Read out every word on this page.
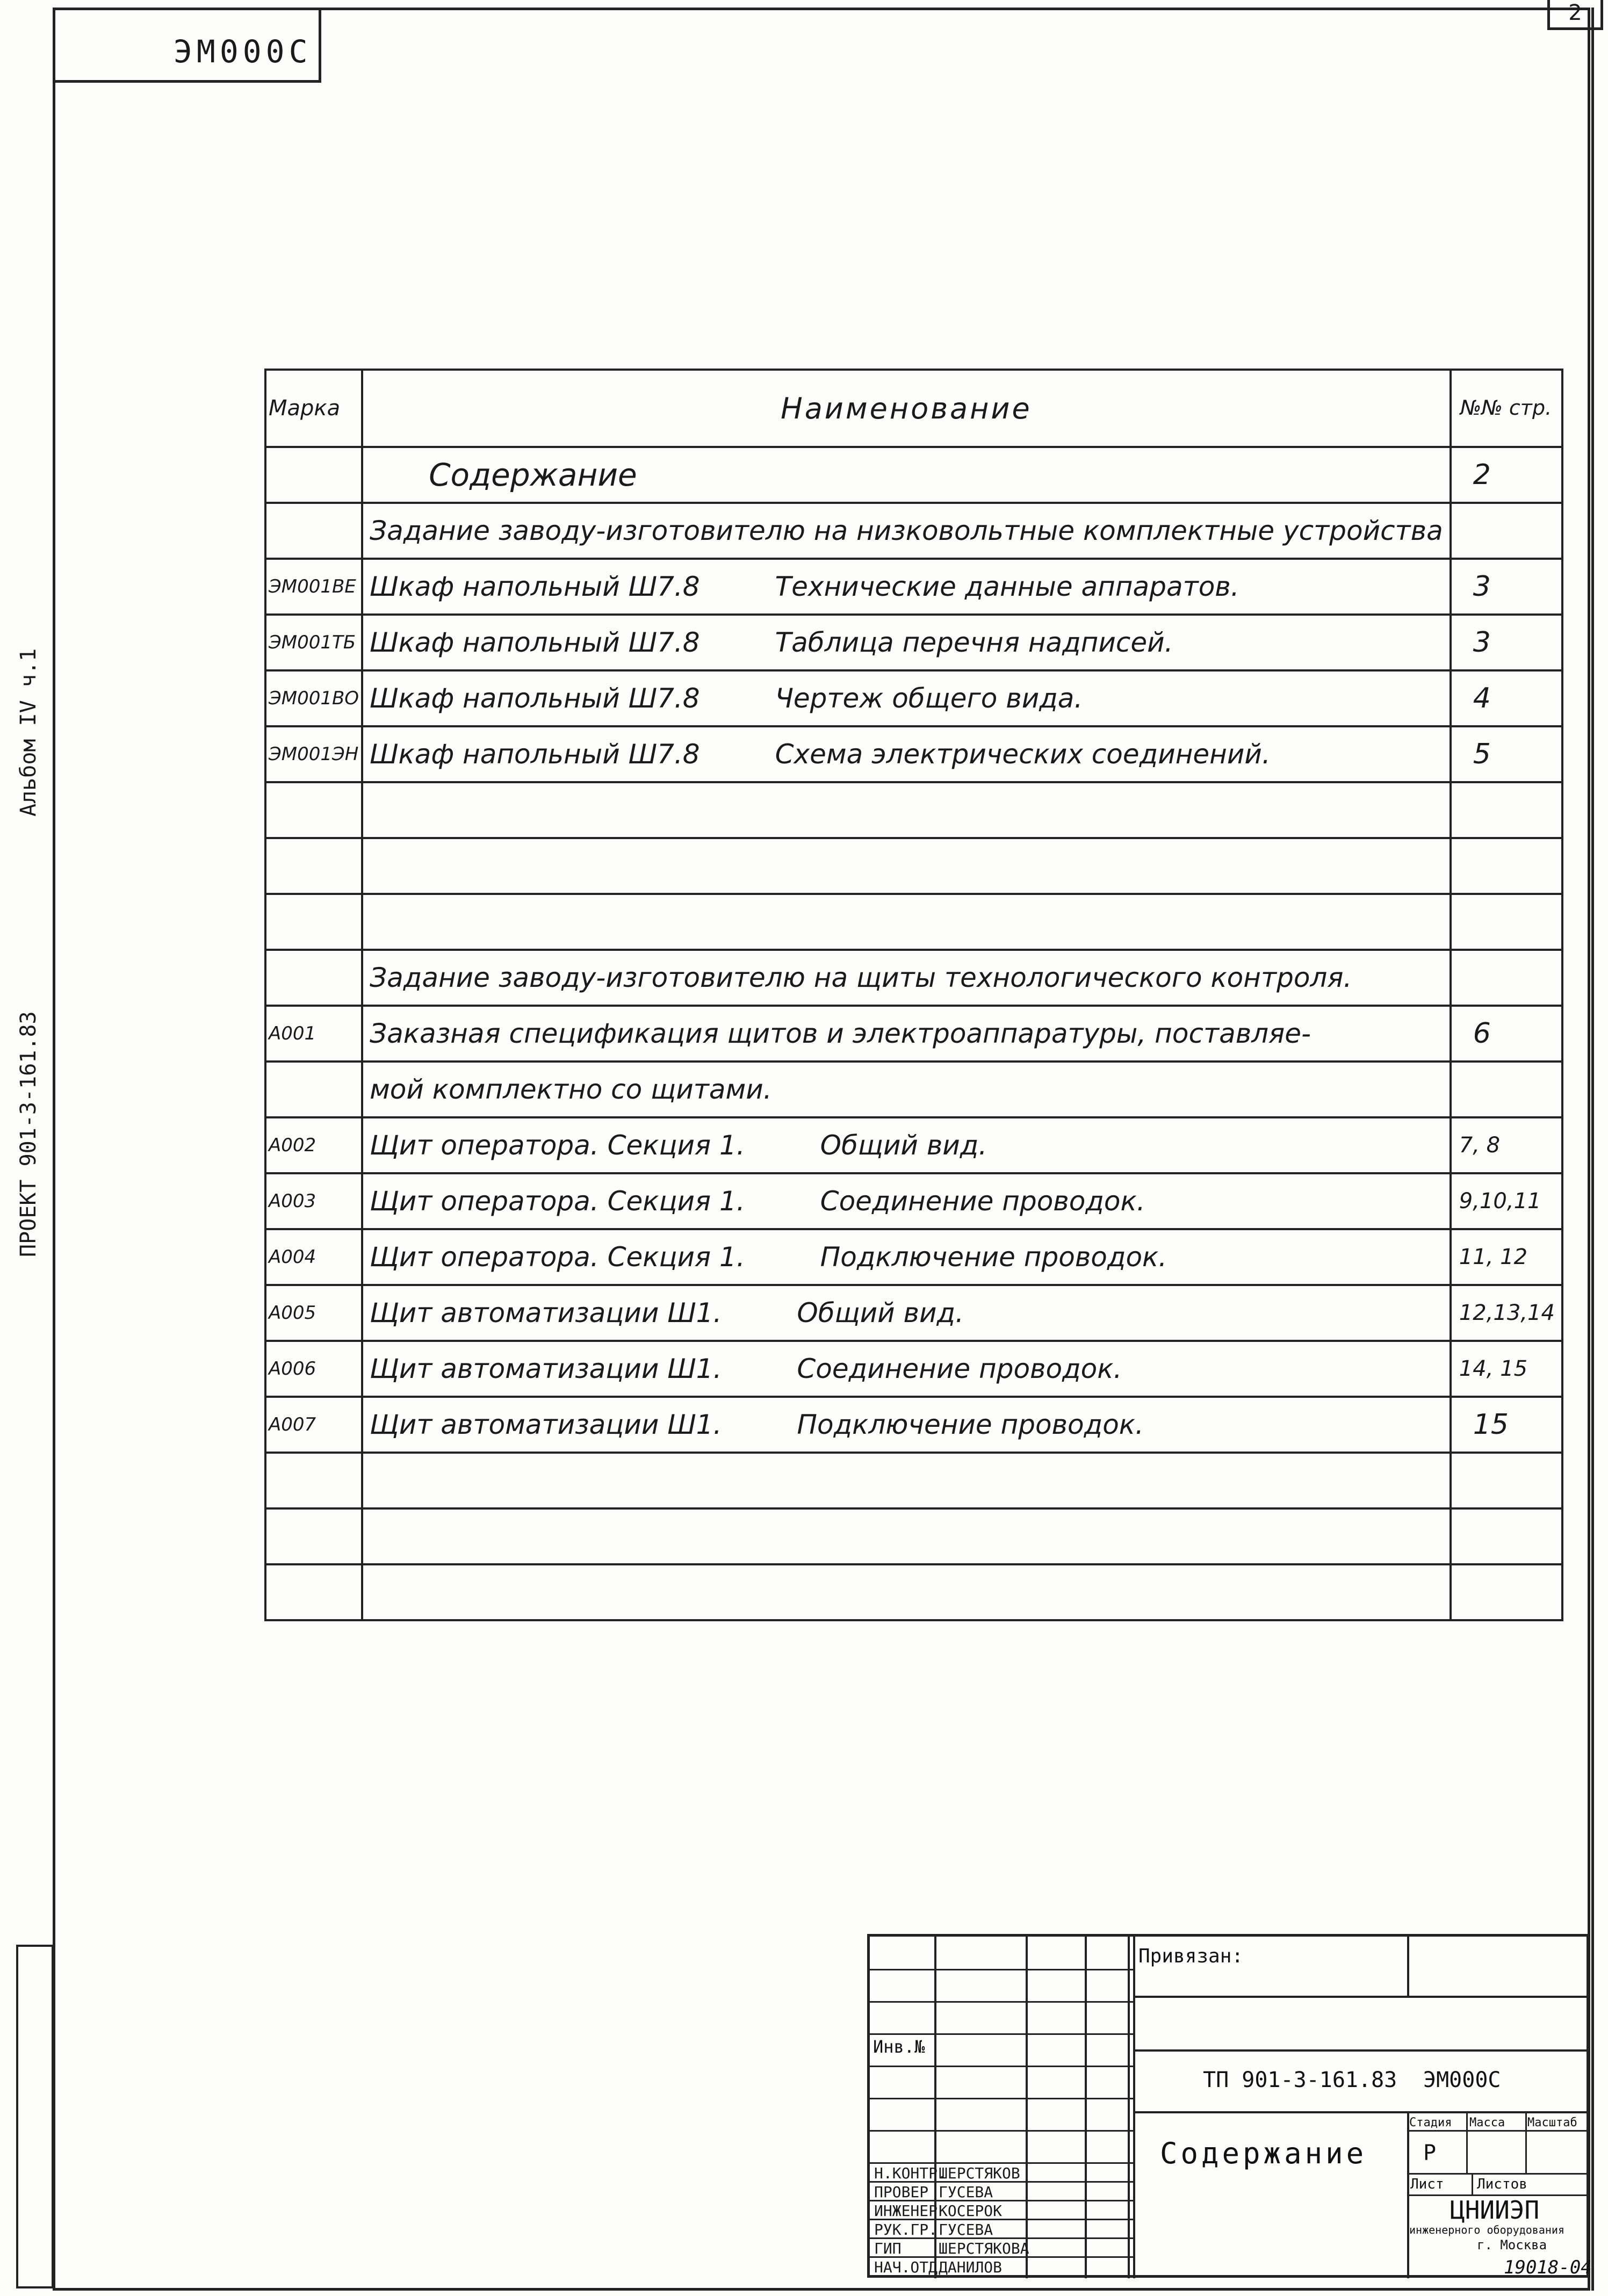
ЭМ000С
2
Альбом IV ч.1
ПРОЕКТ 901-3-161.83
Марка	Наименование	№№ стр.
	Содержание	2
	Задание заводу-изготовителю на низковольтные комплектные устройства	
ЭМ001ВЕ	Шкаф напольный Ш7.8 Технические данные аппаратов.	3
ЭМ001ТБ	Шкаф напольный Ш7.8 Таблица перечня надписей.	3
ЭМ001ВО	Шкаф напольный Ш7.8 Чертеж общего вида.	4
ЭМ001ЭН	Шкаф напольный Ш7.8 Схема электрических соединений.	5

	Задание заводу-изготовителю на щиты технологического контроля.	
А001	Заказная спецификация щитов и электроаппаратуры, поставляе-	6
	мой комплектно со щитами.	
А002	Щит оператора. Секция 1. Общий вид.	7, 8
А003	Щит оператора. Секция 1. Соединение проводок.	9,10,11
А004	Щит оператора. Секция 1. Подключение проводок.	11, 12
А005	Щит автоматизации Ш1. Общий вид.	12,13,14
А006	Щит автоматизации Ш1. Соединение проводок.	14, 15
А007	Щит автоматизации Ш1. Подключение проводок.	15

Привязан:
Инв.№
ТП 901-3-161.83 ЭМ000С
Содержание
Стадия Масса Масштаб
Р
Лист Листов
ЦНИИЭП
инженерного оборудования
г. Москва
19018-04
Н.КОНТР.
ШЕРСТЯКОВ
ПРОВЕР ГУСЕВА
ИНЖЕНЕР КОСЕРОК
РУК.ГР. ГУСЕВА
ГИП ШЕРСТЯКОВА
НАЧ.ОТД ДАНИЛОВ
